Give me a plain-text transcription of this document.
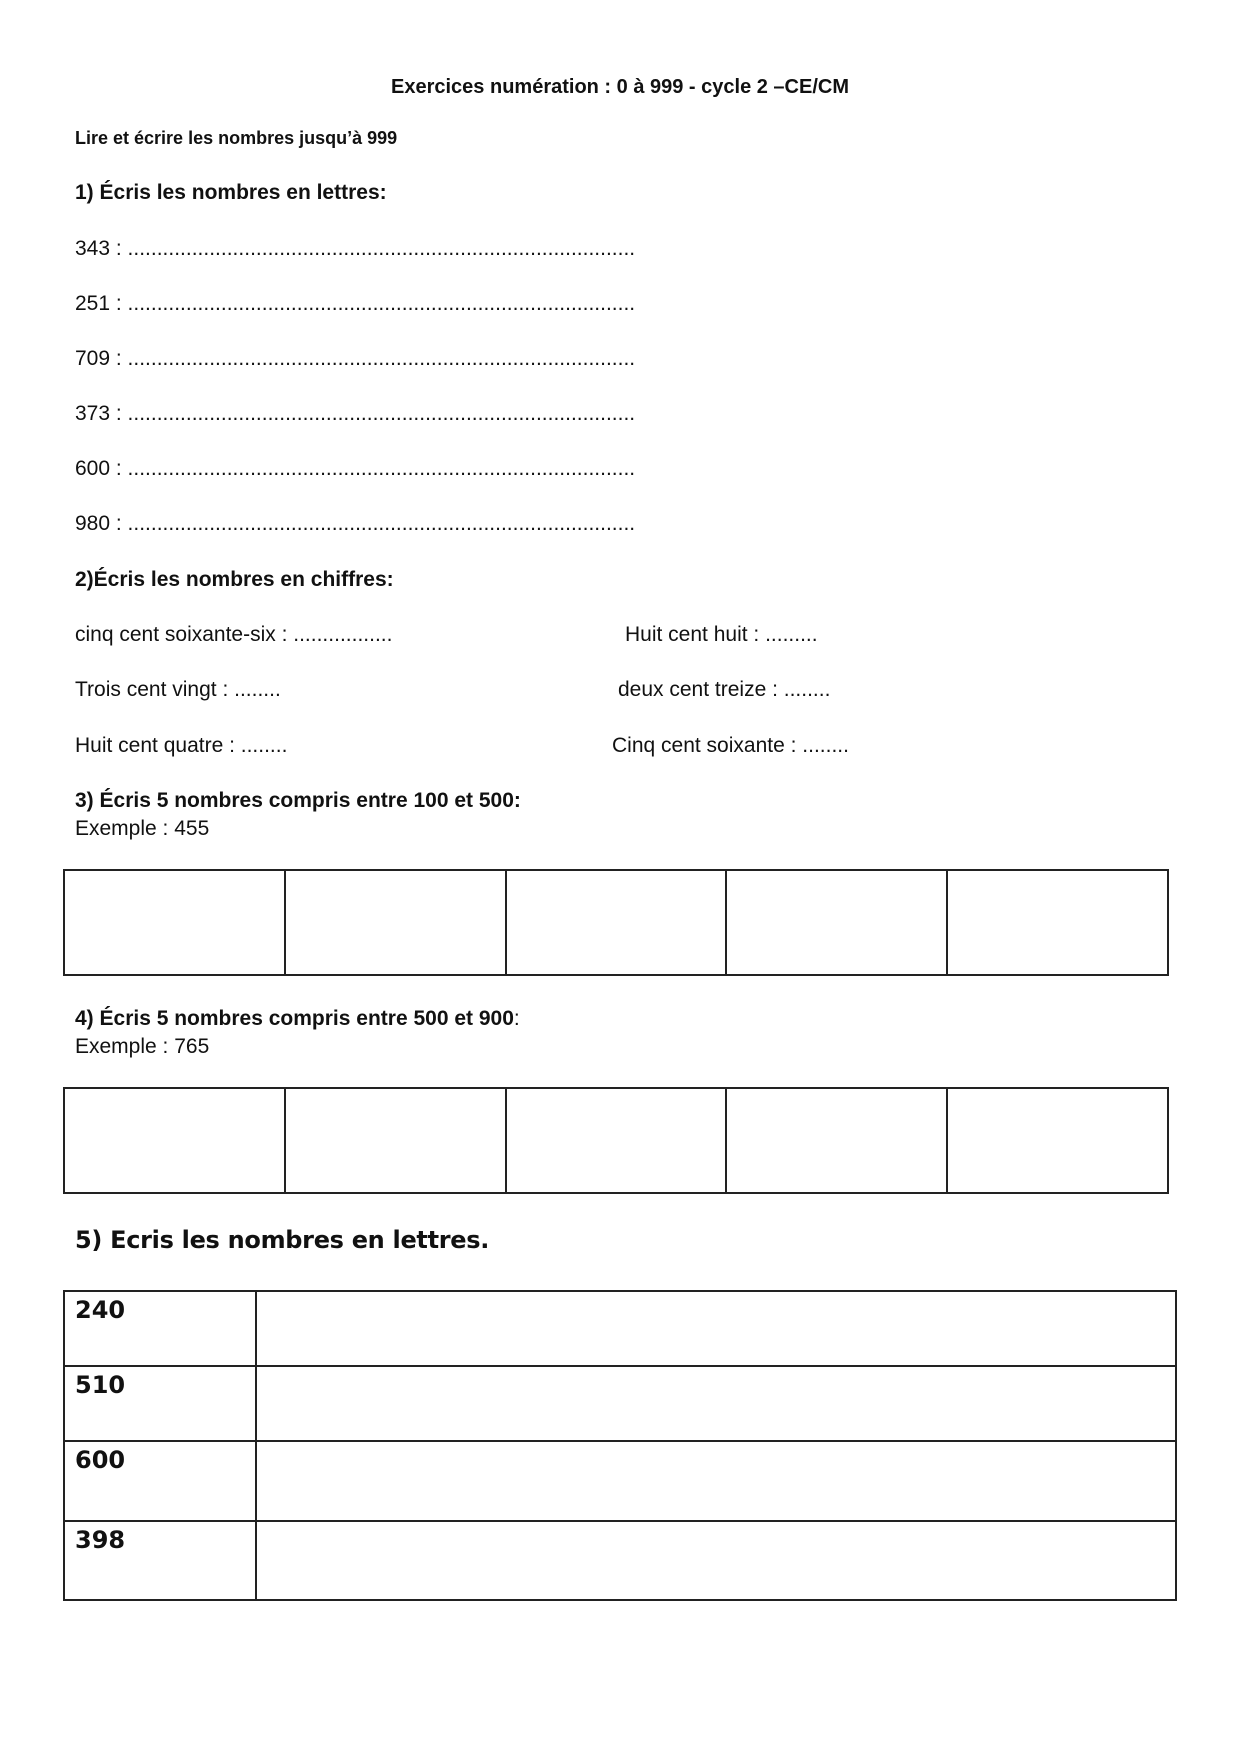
Exercices numération : 0 à 999 - cycle 2 –CE/CM
Lire et écrire les nombres jusqu’à 999
1) Écris les nombres en lettres:
343 : .......................................................................................
251 : .......................................................................................
709 : .......................................................................................
373 : .......................................................................................
600 : .......................................................................................
980 : .......................................................................................
2)Écris les nombres en chiffres:
cinq cent soixante-six : .................	Huit cent huit : .........
Trois cent vingt : ........	deux cent treize : ........
Huit cent quatre : ........	Cinq cent soixante : ........
3) Écris 5 nombres compris entre 100 et 500:
Exemple : 455
4) Écris 5 nombres compris entre 500 et 900:
Exemple : 765
5) Ecris les nombres en lettres.
240	
510	
600	
398	
